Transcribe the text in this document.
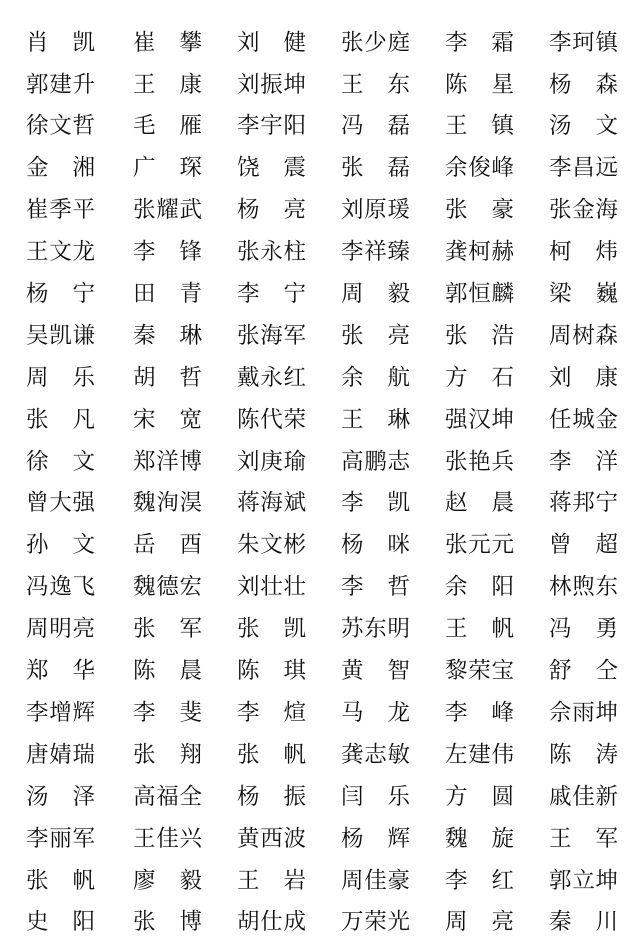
肖 凯 崔 攀 刘 健 张少庭 李 霜 李珂镇
郭建升 王 康 刘振坤 王 东 陈 星 杨 森
徐文哲 毛 雁 李宇阳 冯 磊 王 镇 汤 文
金 湘 广 琛 饶 震 张 磊 余俊峰 李昌远
崔季平 张耀武 杨 亮 刘原瑗 张 豪 张金海
王文龙 李 锋 张永柱 李祥臻 龚柯赫 柯 炜
杨 宁 田 青 李 宁 周 毅 郭恒麟 梁 巍
吴凯谦 秦 琳 张海军 张 亮 张 浩 周树森
周 乐 胡 哲 戴永红 余 航 方 石 刘 康
张 凡 宋 宽 陈代荣 王 琳 强汉坤 任城金
徐 文 郑洋博 刘庚瑜 高鹏志 张艳兵 李 洋
曾大强 魏洵淏 蒋海斌 李 凯 赵 晨 蒋邦宁
孙 文 岳 酉 朱文彬 杨 咪 张元元 曾 超
冯逸飞 魏德宏 刘壮壮 李 哲 余 阳 林煦东
周明亮 张 军 张 凯 苏东明 王 帆 冯 勇
郑 华 陈 晨 陈 琪 黄 智 黎荣宝 舒 仝
李增辉 李 斐 李 煊 马 龙 李 峰 佘雨坤
唐婧瑞 张 翔 张 帆 龚志敏 左建伟 陈 涛
汤 泽 高福全 杨 振 闫 乐 方 圆 戚佳新
李丽军 王佳兴 黄西波 杨 辉 魏 旋 王 军
张 帆 廖 毅 王 岩 周佳豪 李 红 郭立坤
史 阳 张 博 胡仕成 万荣光 周 亮 秦 川
